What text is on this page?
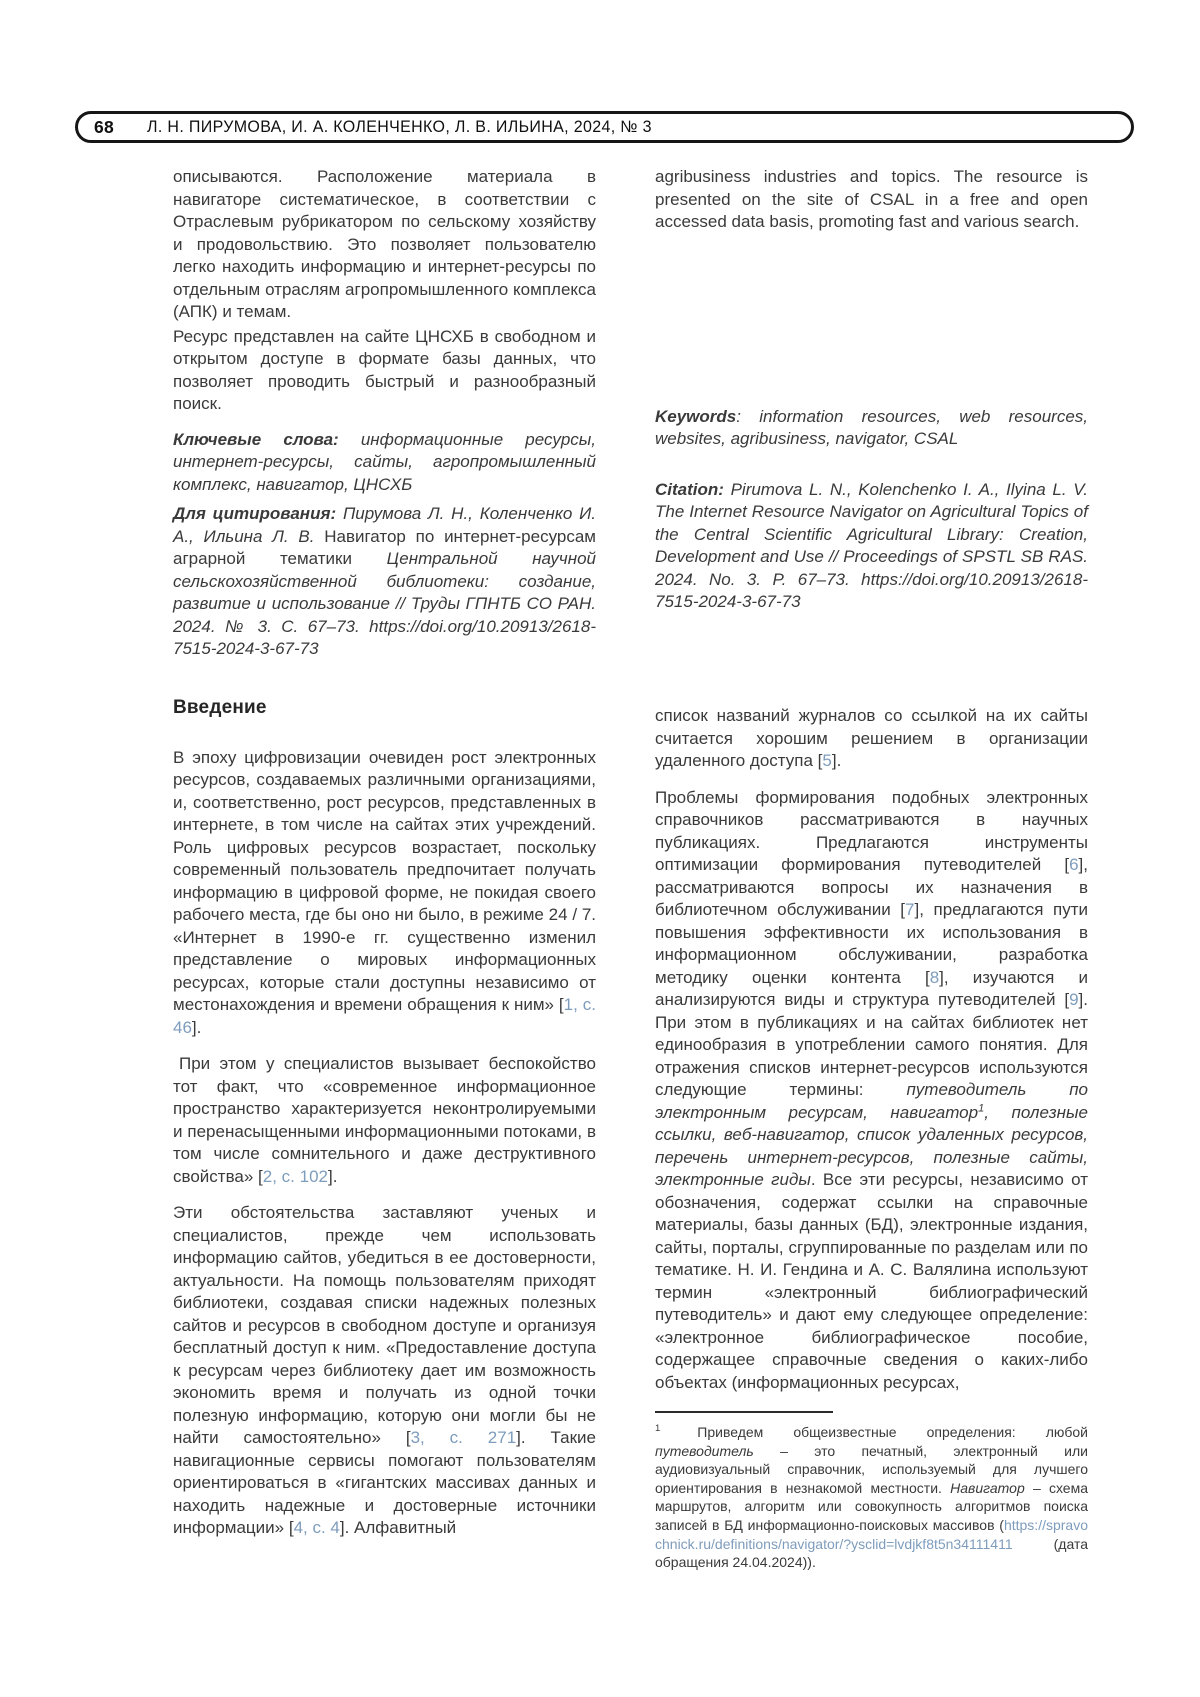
68 Л. Н. ПИРУМОВА, И. А. КОЛЕНЧЕНКО, Л. В. ИЛЬИНА, 2024, № 3

описываются. Расположение материала в навигаторе систематическое, в соответствии с Отраслевым рубрикатором по сельскому хозяйству и продовольствию. Это позволяет пользователю легко находить информацию и интернет-ресурсы по отдельным отраслям агропромышленного комплекса (АПК) и темам.

Ресурс представлен на сайте ЦНСХБ в свободном и открытом доступе в формате базы данных, что позволяет проводить быстрый и разнообразный поиск.

Ключевые слова: информационные ресурсы, интернет-ресурсы, сайты, агропромышленный комплекс, навигатор, ЦНСХБ

Для цитирования: Пирумова Л. Н., Коленченко И. А., Ильина Л. В. Навигатор по интернет-ресурсам аграрной тематики Центральной научной сельскохозяйственной библиотеки: создание, развитие и использование // Труды ГПНТБ СО РАН. 2024. № 3. С. 67–73. https://doi.org/10.20913/2618-7515-2024-3-67-73

agribusiness industries and topics. The resource is presented on the site of CSAL in a free and open accessed data basis, promoting fast and various search.

Keywords: information resources, web resources, websites, agribusiness, navigator, CSAL

Citation: Pirumova L. N., Kolenchenko I. A., Ilyina L. V. The Internet Resource Navigator on Agricultural Topics of the Central Scientific Agricultural Library: Creation, Development and Use // Proceedings of SPSTL SB RAS. 2024. No. 3. P. 67–73. https://doi.org/10.20913/2618-7515-2024-3-67-73

Введение

В эпоху цифровизации очевиден рост электронных ресурсов, создаваемых различными организациями, и, соответственно, рост ресурсов, представленных в интернете, в том числе на сайтах этих учреждений. Роль цифровых ресурсов возрастает, поскольку современный пользователь предпочитает получать информацию в цифровой форме, не покидая своего рабочего места, где бы оно ни было, в режиме 24 / 7. «Интернет в 1990-е гг. существенно изменил представление о мировых информационных ресурсах, которые стали доступны независимо от местонахождения и времени обращения к ним» [1, с. 46].

При этом у специалистов вызывает беспокойство тот факт, что «современное информационное пространство характеризуется неконтролируемыми и перенасыщенными информационными потоками, в том числе сомнительного и даже деструктивного свойства» [2, с. 102].

Эти обстоятельства заставляют ученых и специалистов, прежде чем использовать информацию сайтов, убедиться в ее достоверности, актуальности. На помощь пользователям приходят библиотеки, создавая списки надежных полезных сайтов и ресурсов в свободном доступе и организуя бесплатный доступ к ним. «Предоставление доступа к ресурсам через библиотеку дает им возможность экономить время и получать из одной точки полезную информацию, которую они могли бы не найти самостоятельно» [3, с. 271]. Такие навигационные сервисы помогают пользователям ориентироваться в «гигантских массивах данных и находить надежные и достоверные источники информации» [4, с. 4]. Алфавитный

список названий журналов со ссылкой на их сайты считается хорошим решением в организации удаленного доступа [5].

Проблемы формирования подобных электронных справочников рассматриваются в научных публикациях. Предлагаются инструменты оптимизации формирования путеводителей [6], рассматриваются вопросы их назначения в библиотечном обслуживании [7], предлагаются пути повышения эффективности их использования в информационном обслуживании, разработка методику оценки контента [8], изучаются и анализируются виды и структура путеводителей [9]. При этом в публикациях и на сайтах библиотек нет единообразия в употреблении самого понятия. Для отражения списков интернет-ресурсов используются следующие термины: путеводитель по электронным ресурсам, навигатор$^1$, полезные ссылки, веб-навигатор, список удаленных ресурсов, перечень интернет-ресурсов, полезные сайты, электронные гиды. Все эти ресурсы, независимо от обозначения, содержат ссылки на справочные материалы, базы данных (БД), электронные издания, сайты, порталы, сгруппированные по разделам или по тематике. Н. И. Гендина и А. С. Валялина используют термин «электронный библиографический путеводитель» и дают ему следующее определение: «электронное библиографическое пособие, содержащее справочные сведения о каких-либо объектах (информационных ресурсах,

$^1$	Приведем общеизвестные определения: любой путеводитель – это печатный, электронный или аудиовизуальный справочник, используемый для лучшего ориентирования в незнакомой местности. Навигатор – схема маршрутов, алгоритм или совокупность алгоритмов поиска записей в БД информационно-поисковых массивов (https://spravochnick.ru/definitions/navigator/?ysclid=lvdjkf8t5n34111411 (дата обращения 24.04.2024)).
